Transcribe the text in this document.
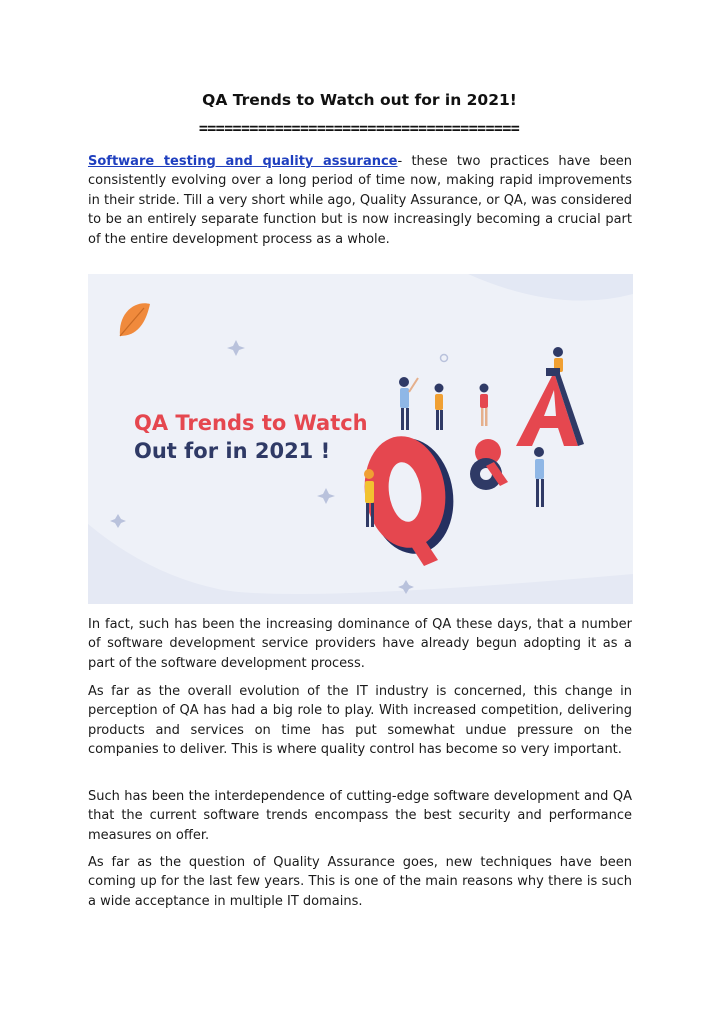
QA Trends to Watch out for in 2021!
======================================
Software testing and quality assurance- these two practices have been consistently evolving over a long period of time now, making rapid improvements in their stride. Till a very short while ago, Quality Assurance, or QA, was considered to be an entirely separate function but is now increasingly becoming a crucial part of the entire development process as a whole.
QA Trends to Watch
Out for in 2021 !
In fact, such has been the increasing dominance of QA these days, that a number of software development service providers have already begun adopting it as a part of the software development process.
As far as the overall evolution of the IT industry is concerned, this change in perception of QA has had a big role to play. With increased competition, delivering products and services on time has put somewhat undue pressure on the companies to deliver. This is where quality control has become so very important.
Such has been the interdependence of cutting-edge software development and QA that the current software trends encompass the best security and performance measures on offer.
As far as the question of Quality Assurance goes, new techniques have been coming up for the last few years. This is one of the main reasons why there is such a wide acceptance in multiple IT domains.
